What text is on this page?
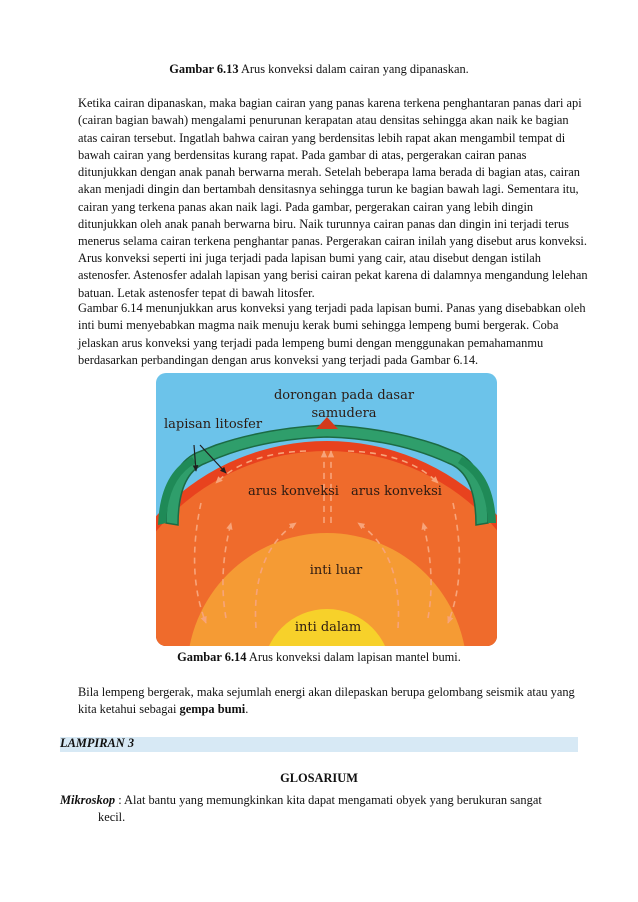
Gambar 6.13 Arus konveksi dalam cairan yang dipanaskan.
Ketika cairan dipanaskan, maka bagian cairan yang panas karena terkena penghantaran panas dari api (cairan bagian bawah) mengalami penurunan kerapatan atau densitas sehingga akan naik ke bagian atas cairan tersebut. Ingatlah bahwa cairan yang berdensitas lebih rapat akan mengambil tempat di bawah cairan yang berdensitas kurang rapat. Pada gambar di atas, pergerakan cairan panas ditunjukkan dengan anak panah berwarna merah. Setelah beberapa lama berada di bagian atas, cairan akan menjadi dingin dan bertambah densitasnya sehingga turun ke bagian bawah lagi. Sementara itu, cairan yang terkena panas akan naik lagi. Pada gambar, pergerakan cairan yang lebih dingin ditunjukkan oleh anak panah berwarna biru. Naik turunnya cairan panas dan dingin ini terjadi terus menerus selama cairan terkena penghantar panas. Pergerakan cairan inilah yang disebut arus konveksi.
Arus konveksi seperti ini juga terjadi pada lapisan bumi yang cair, atau disebut dengan istilah astenosfer. Astenosfer adalah lapisan yang berisi cairan pekat karena di dalamnya mengandung lelehan batuan. Letak astenosfer tepat di bawah litosfer.
Gambar 6.14 menunjukkan arus konveksi yang terjadi pada lapisan bumi. Panas yang disebabkan oleh inti bumi menyebabkan magma naik menuju kerak bumi sehingga lempeng bumi bergerak. Coba jelaskan arus konveksi yang terjadi pada lempeng bumi dengan menggunakan pemahamanmu berdasarkan perbandingan dengan arus konveksi yang terjadi pada Gambar 6.14.
dorongan pada dasar
samudera
lapisan litosfer
arus konveksi arus konveksi
inti luar
inti dalam
Gambar 6.14 Arus konveksi dalam lapisan mantel bumi.
Bila lempeng bergerak, maka sejumlah energi akan dilepaskan berupa gelombang seismik atau yang kita ketahui sebagai gempa bumi.
LAMPIRAN 3
GLOSARIUM
Mikroskop : Alat bantu yang memungkinkan kita dapat mengamati obyek yang berukuran sangat
kecil.
